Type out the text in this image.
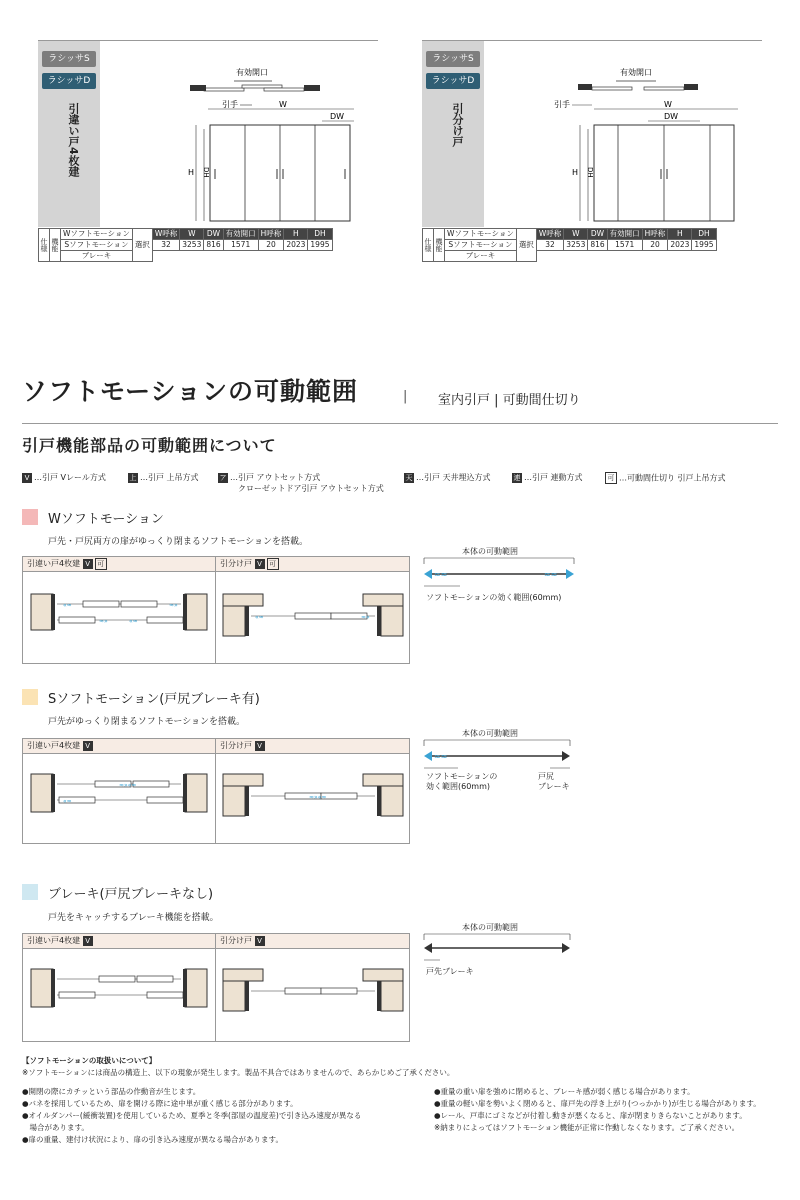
ラシッサS
ラシッサD
引違い戸4枚建
有効開口
引手	W
DW
H DH
仕様	機能	Wソフトモーション	選択	W呼称	W	DW	有効開口	H呼称	H	DH
		Sソフトモーション		32	3253	816	1571	20	2023	1995
		ブレーキ								
ラシッサS
ラシッサD
引分け戸
有効開口
引手	W
DW
H DH
仕様	機能	Wソフトモーション	選択	W呼称	W	DW	有効開口	H呼称	H	DH
		Sソフトモーション		32	3253	816	1571	20	2023	1995
		ブレーキ								
ソフトモーションの可動範囲	| 室内引戸 | 可動間仕切り
引戸機能部品の可動範囲について
V …引戸 Vレール方式	上 …引戸 上吊方式	ア …引戸 アウトセット方式
クローゼットドア引戸 アウトセット方式
天 …引戸 天井埋込方式	連 …引戸 連動方式	可 …可動間仕切り 引戸上吊方式
Wソフトモーション
戸先・戸尻両方の扉がゆっくり閉まるソフトモーションを搭載。
引違い戸4枚建 V 可	引分け戸 V 可
«≈	≈»
≈»	«≈
«≈	≈»
本体の可動範囲
≈≈	≈≈
ソフトモーションの効く範囲(60mm)
Sソフトモーション(戸尻ブレーキ有)
戸先がゆっくり閉まるソフトモーションを搭載。
引違い戸4枚建 V	引分け戸 V
≈»«≈
«≈
≈»«≈
本体の可動範囲
≈≈
ソフトモーションの
効く範囲(60mm)
戸尻
ブレーキ
ブレーキ(戸尻ブレーキなし)
戸先をキャッチするブレーキ機能を搭載。
引違い戸4枚建 V	引分け戸 V
本体の可動範囲
戸先ブレーキ
【ソフトモーションの取扱いについて】
※ソフトモーションには商品の構造上、以下の現象が発生します。製品不具合ではありませんので、あらかじめご了承ください。
●開閉の際にカチッという部品の作動音が生じます。
●バネを採用しているため、扉を開ける際に途中単が重く感じる部分があります。
●オイルダンパー(緩衝装置)を使用しているため、夏季と冬季(部屋の温度差)で引き込み速度が異なる
　場合があります。
●扉の重量、建付け状況により、扉の引き込み速度が異なる場合があります。
●重量の重い扉を強めに閉めると、ブレーキ感が弱く感じる場合があります。
●重量の軽い扉を勢いよく閉めると、扉戸先の浮き上がり(つっかかり)が生じる場合があります。
●レール、戸車にゴミなどが付着し動きが悪くなると、扉が閉まりきらないことがあります。
※納まりによってはソフトモーション機能が正常に作動しなくなります。ご了承ください。
